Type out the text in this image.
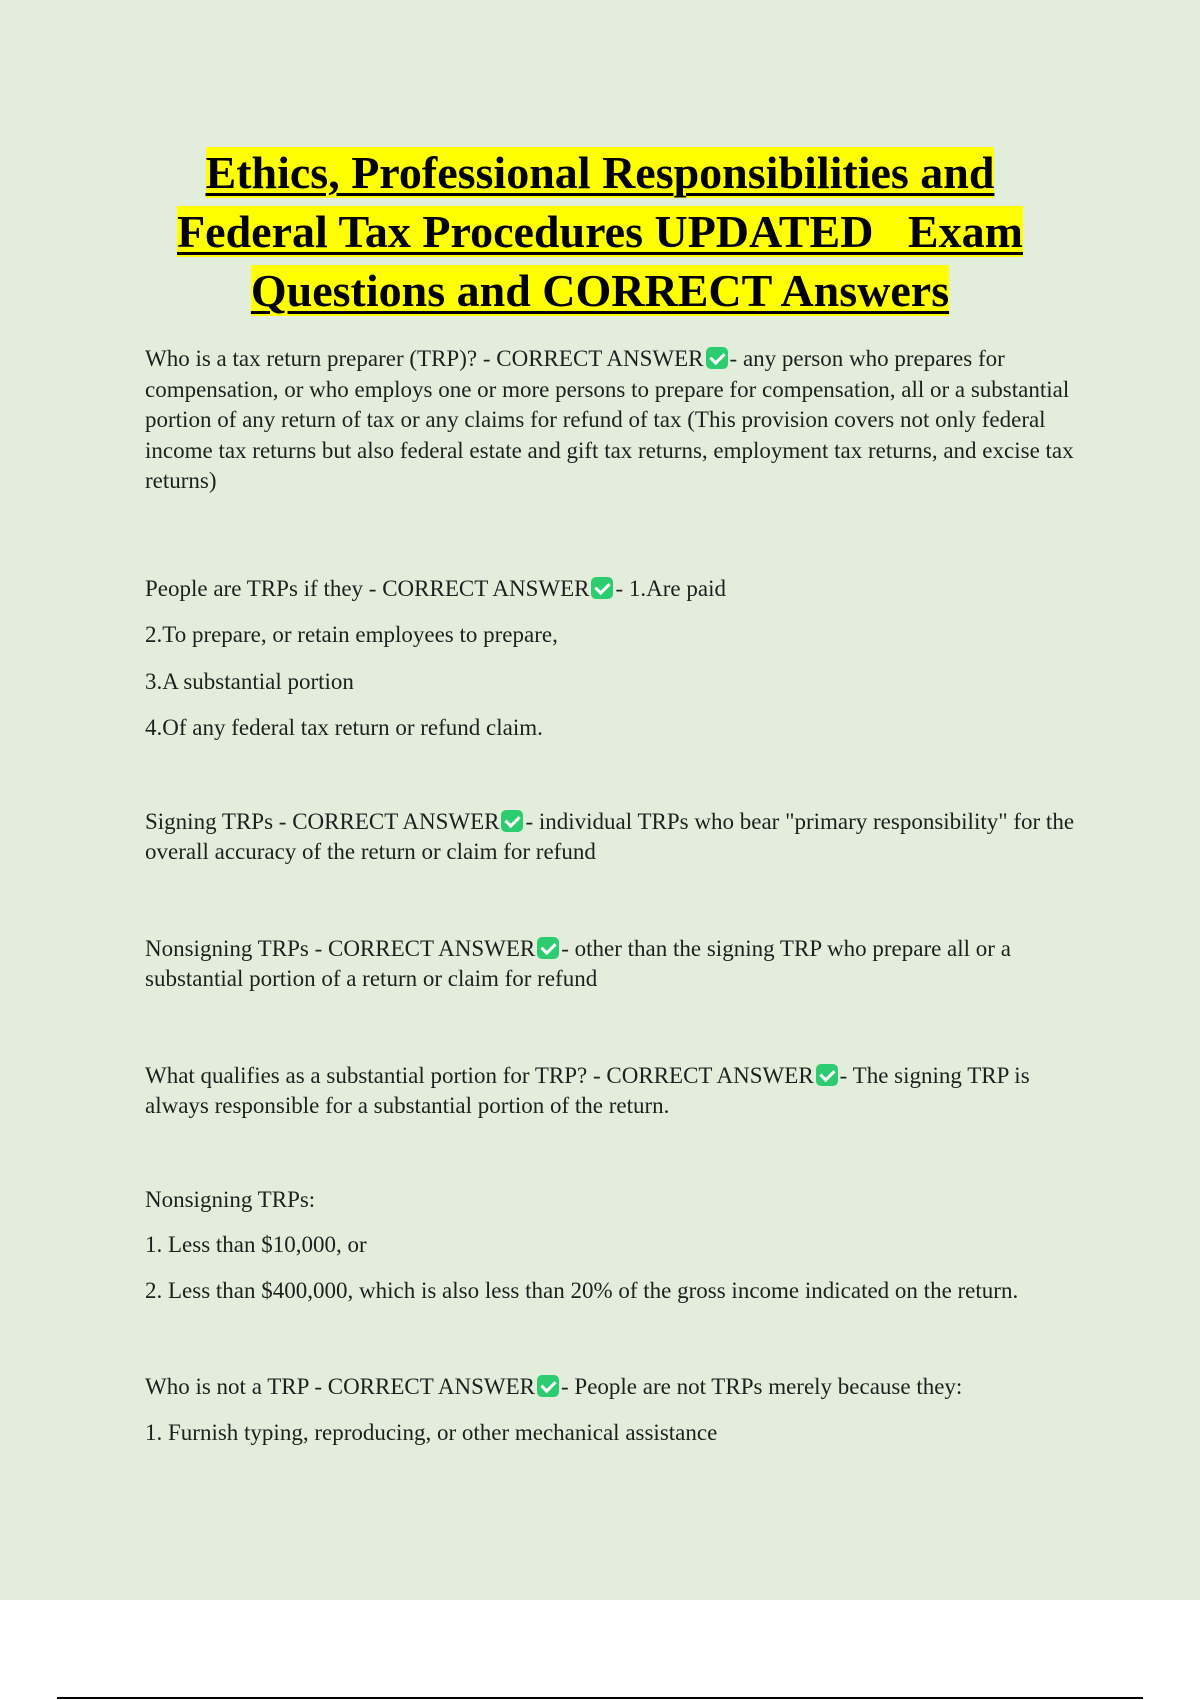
Ethics, Professional Responsibilities and
Federal Tax Procedures UPDATED   Exam
Questions and CORRECT Answers

Who is a tax return preparer (TRP)? - CORRECT ANSWER - any person who prepares for compensation, or who employs one or more persons to prepare for compensation, all or a substantial portion of any return of tax or any claims for refund of tax (This provision covers not only federal income tax returns but also federal estate and gift tax returns, employment tax returns, and excise tax returns)

People are TRPs if they - CORRECT ANSWER - 1.Are paid

2.To prepare, or retain employees to prepare,

3.A substantial portion

4.Of any federal tax return or refund claim.

Signing TRPs - CORRECT ANSWER - individual TRPs who bear "primary responsibility" for the overall accuracy of the return or claim for refund

Nonsigning TRPs - CORRECT ANSWER - other than the signing TRP who prepare all or a substantial portion of a return or claim for refund

What qualifies as a substantial portion for TRP? - CORRECT ANSWER - The signing TRP is always responsible for a substantial portion of the return.

Nonsigning TRPs:

1. Less than $10,000, or

2. Less than $400,000, which is also less than 20% of the gross income indicated on the return.

Who is not a TRP - CORRECT ANSWER - People are not TRPs merely because they:

1. Furnish typing, reproducing, or other mechanical assistance
